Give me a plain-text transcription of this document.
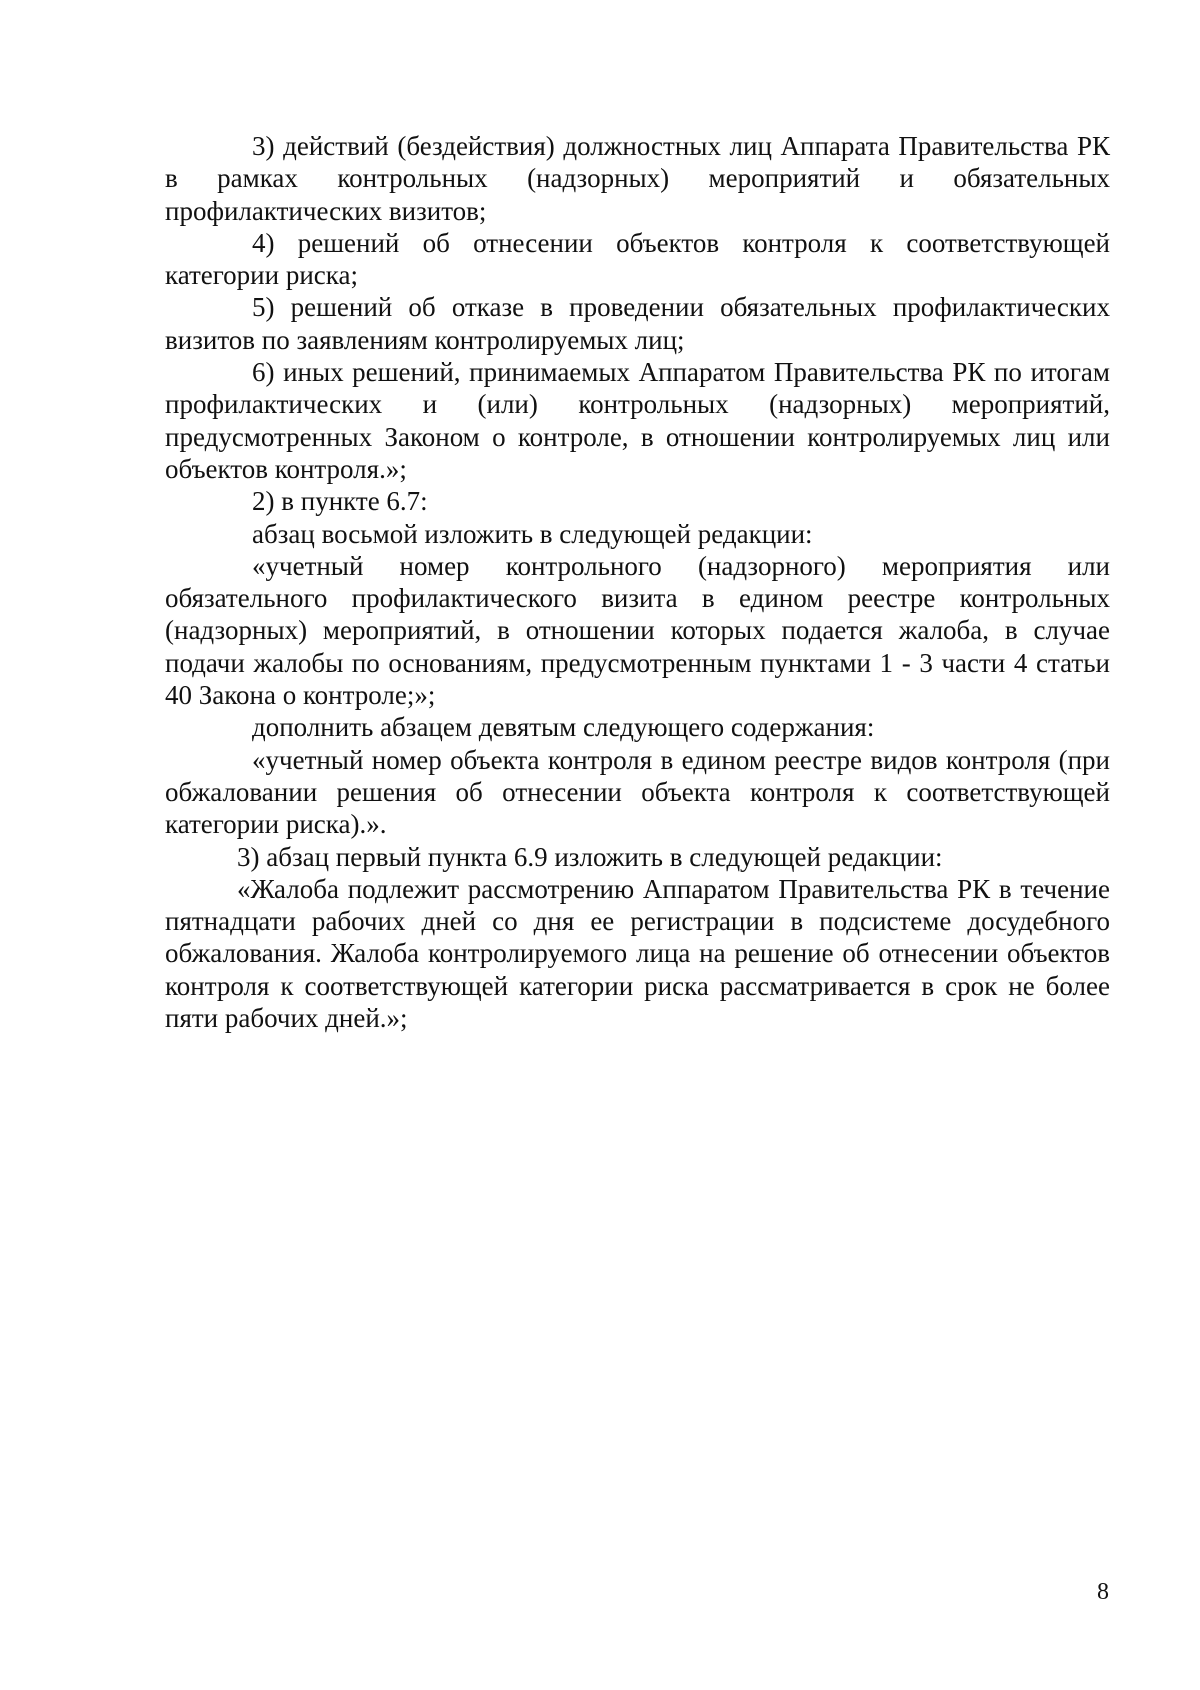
3) действий (бездействия) должностных лиц Аппарата Правительства РК в рамках контрольных (надзорных) мероприятий и обязательных профилактических визитов;

4) решений об отнесении объектов контроля к соответствующей категории риска;

5) решений об отказе в проведении обязательных профилактических визитов по заявлениям контролируемых лиц;

6) иных решений, принимаемых Аппаратом Правительства РК по итогам профилактических и (или) контрольных (надзорных) мероприятий, предусмотренных Законом о контроле, в отношении контролируемых лиц или объектов контроля.»;

2) в пункте 6.7:

абзац восьмой изложить в следующей редакции:

«учетный номер контрольного (надзорного) мероприятия или обязательного профилактического визита в едином реестре контрольных (надзорных) мероприятий, в отношении которых подается жалоба, в случае подачи жалобы по основаниям, предусмотренным пунктами 1 - 3 части 4 статьи 40 Закона о контроле;»;

дополнить абзацем девятым следующего содержания:

«учетный номер объекта контроля в едином реестре видов контроля (при обжаловании решения об отнесении объекта контроля к соответствующей категории риска).».

3) абзац первый пункта 6.9 изложить в следующей редакции:

«Жалоба подлежит рассмотрению Аппаратом Правительства РК в течение пятнадцати рабочих дней со дня ее регистрации в подсистеме досудебного обжалования. Жалоба контролируемого лица на решение об отнесении объектов контроля к соответствующей категории риска рассматривается в срок не более пяти рабочих дней.»;

8
